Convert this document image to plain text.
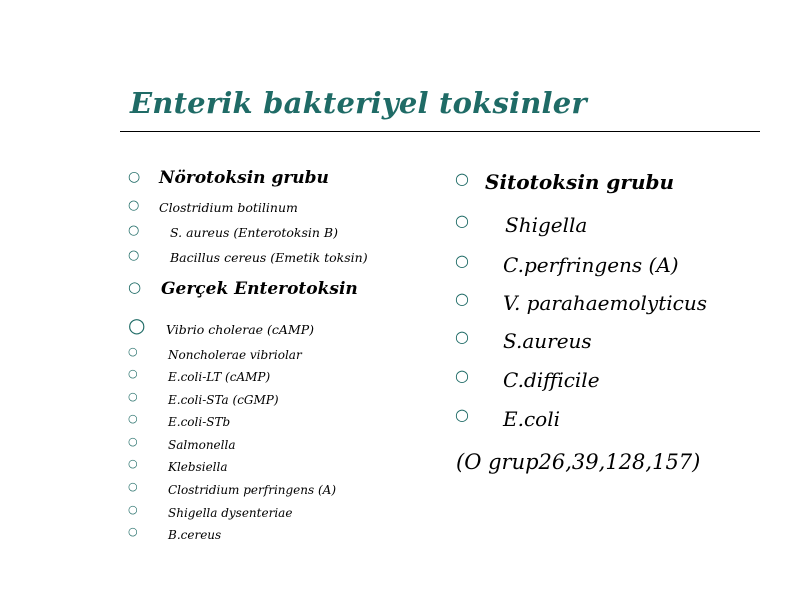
Enterik bakteriyel toksinler
○ Nörotoksin grubu
○ Clostridium botilinum
○ S. aureus (Enterotoksin B)
○ Bacillus cereus (Emetik toksin)
○ Gerçek Enterotoksin
○ Vibrio cholerae (cAMP)
○	Noncholerae vibriolar
○	E.coli-LT (cAMP)
○	E.coli-STa (cGMP)
○	E.coli-STb
○	Salmonella
○	Klebsiella
○	Clostridium perfringens (A)
○	Shigella dysenteriae
○	B.cereus
○ Sitotoksin grubu
○ Shigella
○ C.perfringens (A)
○ V. parahaemolyticus
○ S.aureus
○ C.difficile
○ E.coli
(O grup26,39,128,157)
